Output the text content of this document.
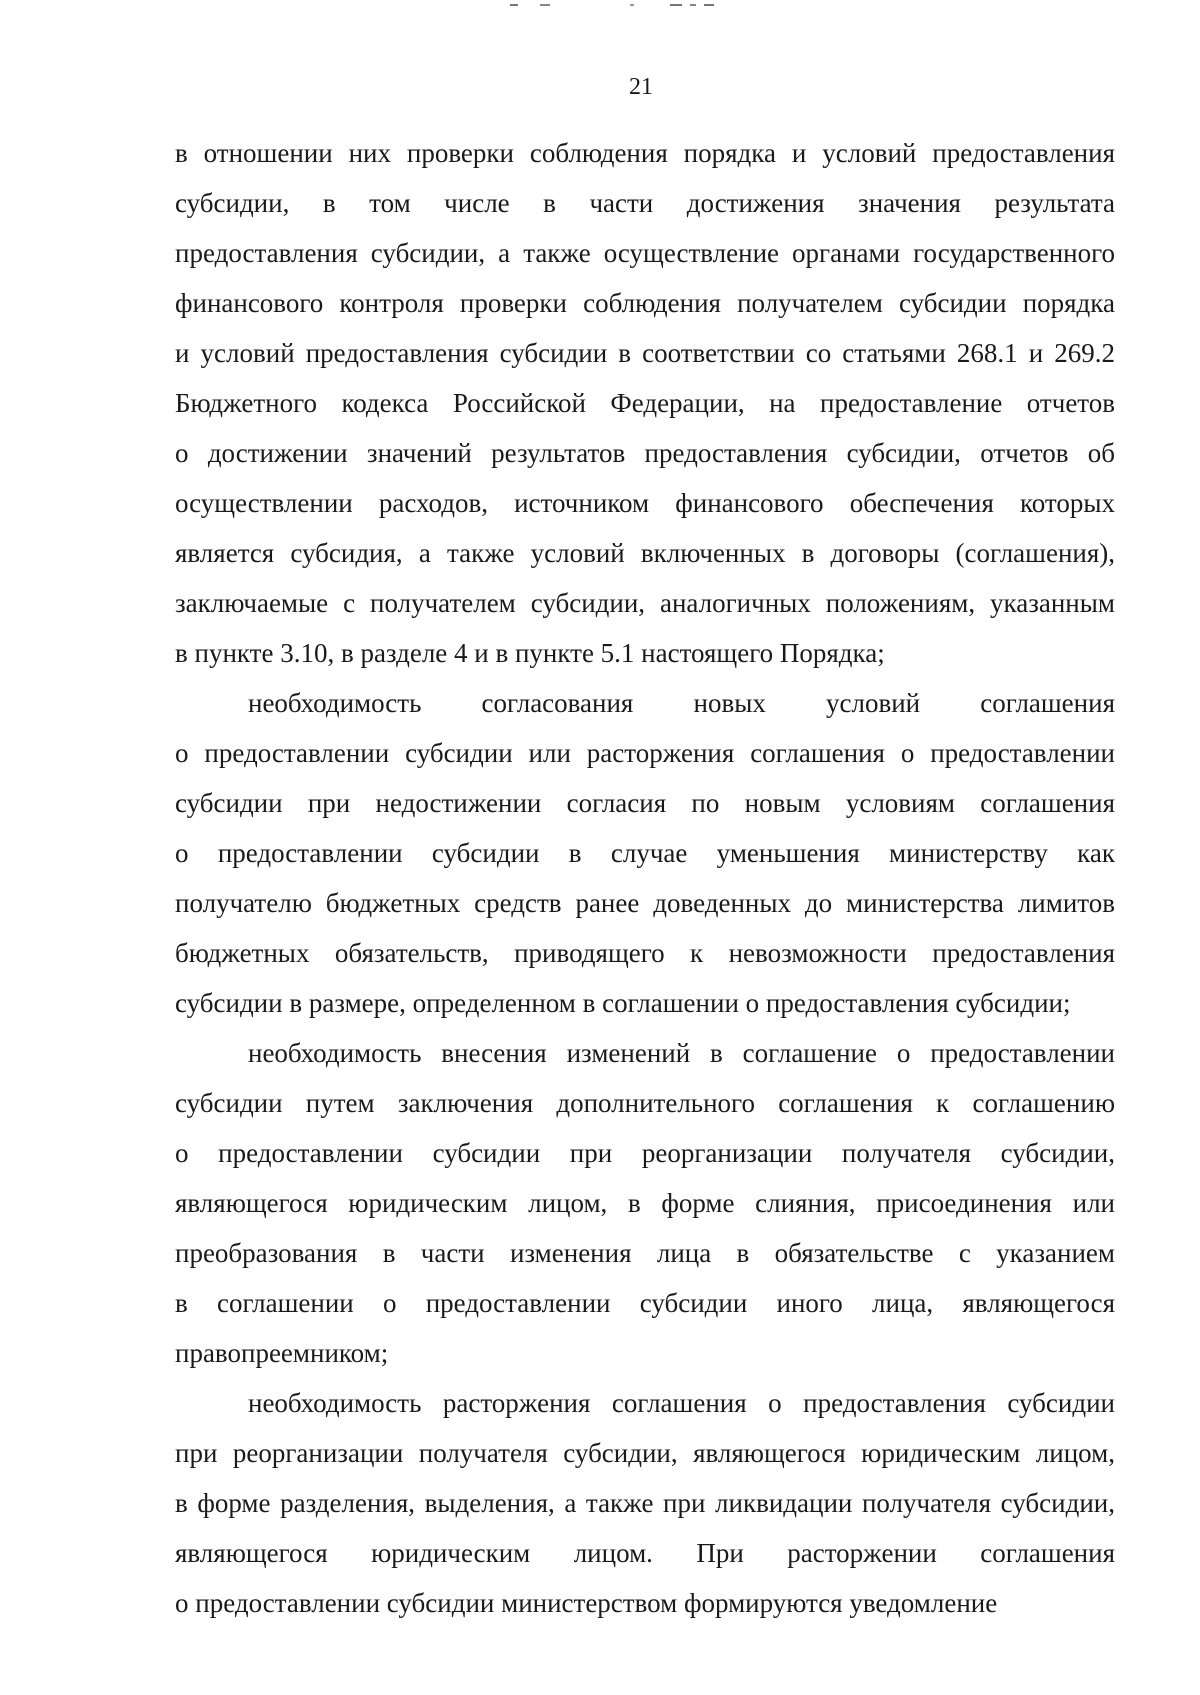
21
в отношении них проверки соблюдения порядка и условий предоставления
субсидии, в том числе в части достижения значения результата
предоставления субсидии, а также осуществление органами государственного
финансового контроля проверки соблюдения получателем субсидии порядка
и условий предоставления субсидии в соответствии со статьями 268.1 и 269.2
Бюджетного кодекса Российской Федерации, на предоставление отчетов
о достижении значений результатов предоставления субсидии, отчетов об
осуществлении расходов, источником финансового обеспечения которых
является субсидия, а также условий включенных в договоры (соглашения),
заключаемые с получателем субсидии, аналогичных положениям, указанным
в пункте 3.10, в разделе 4 и в пункте 5.1 настоящего Порядка;
необходимость согласования новых условий соглашения
о предоставлении субсидии или расторжения соглашения о предоставлении
субсидии при недостижении согласия по новым условиям соглашения
о предоставлении субсидии в случае уменьшения министерству как
получателю бюджетных средств ранее доведенных до министерства лимитов
бюджетных обязательств, приводящего к невозможности предоставления
субсидии в размере, определенном в соглашении о предоставления субсидии;
необходимость внесения изменений в соглашение о предоставлении
субсидии путем заключения дополнительного соглашения к соглашению
о предоставлении субсидии при реорганизации получателя субсидии,
являющегося юридическим лицом, в форме слияния, присоединения или
преобразования в части изменения лица в обязательстве с указанием
в соглашении о предоставлении субсидии иного лица, являющегося
правопреемником;
необходимость расторжения соглашения о предоставления субсидии
при реорганизации получателя субсидии, являющегося юридическим лицом,
в форме разделения, выделения, а также при ликвидации получателя субсидии,
являющегося юридическим лицом. При расторжении соглашения
о предоставлении субсидии министерством формируются уведомление
